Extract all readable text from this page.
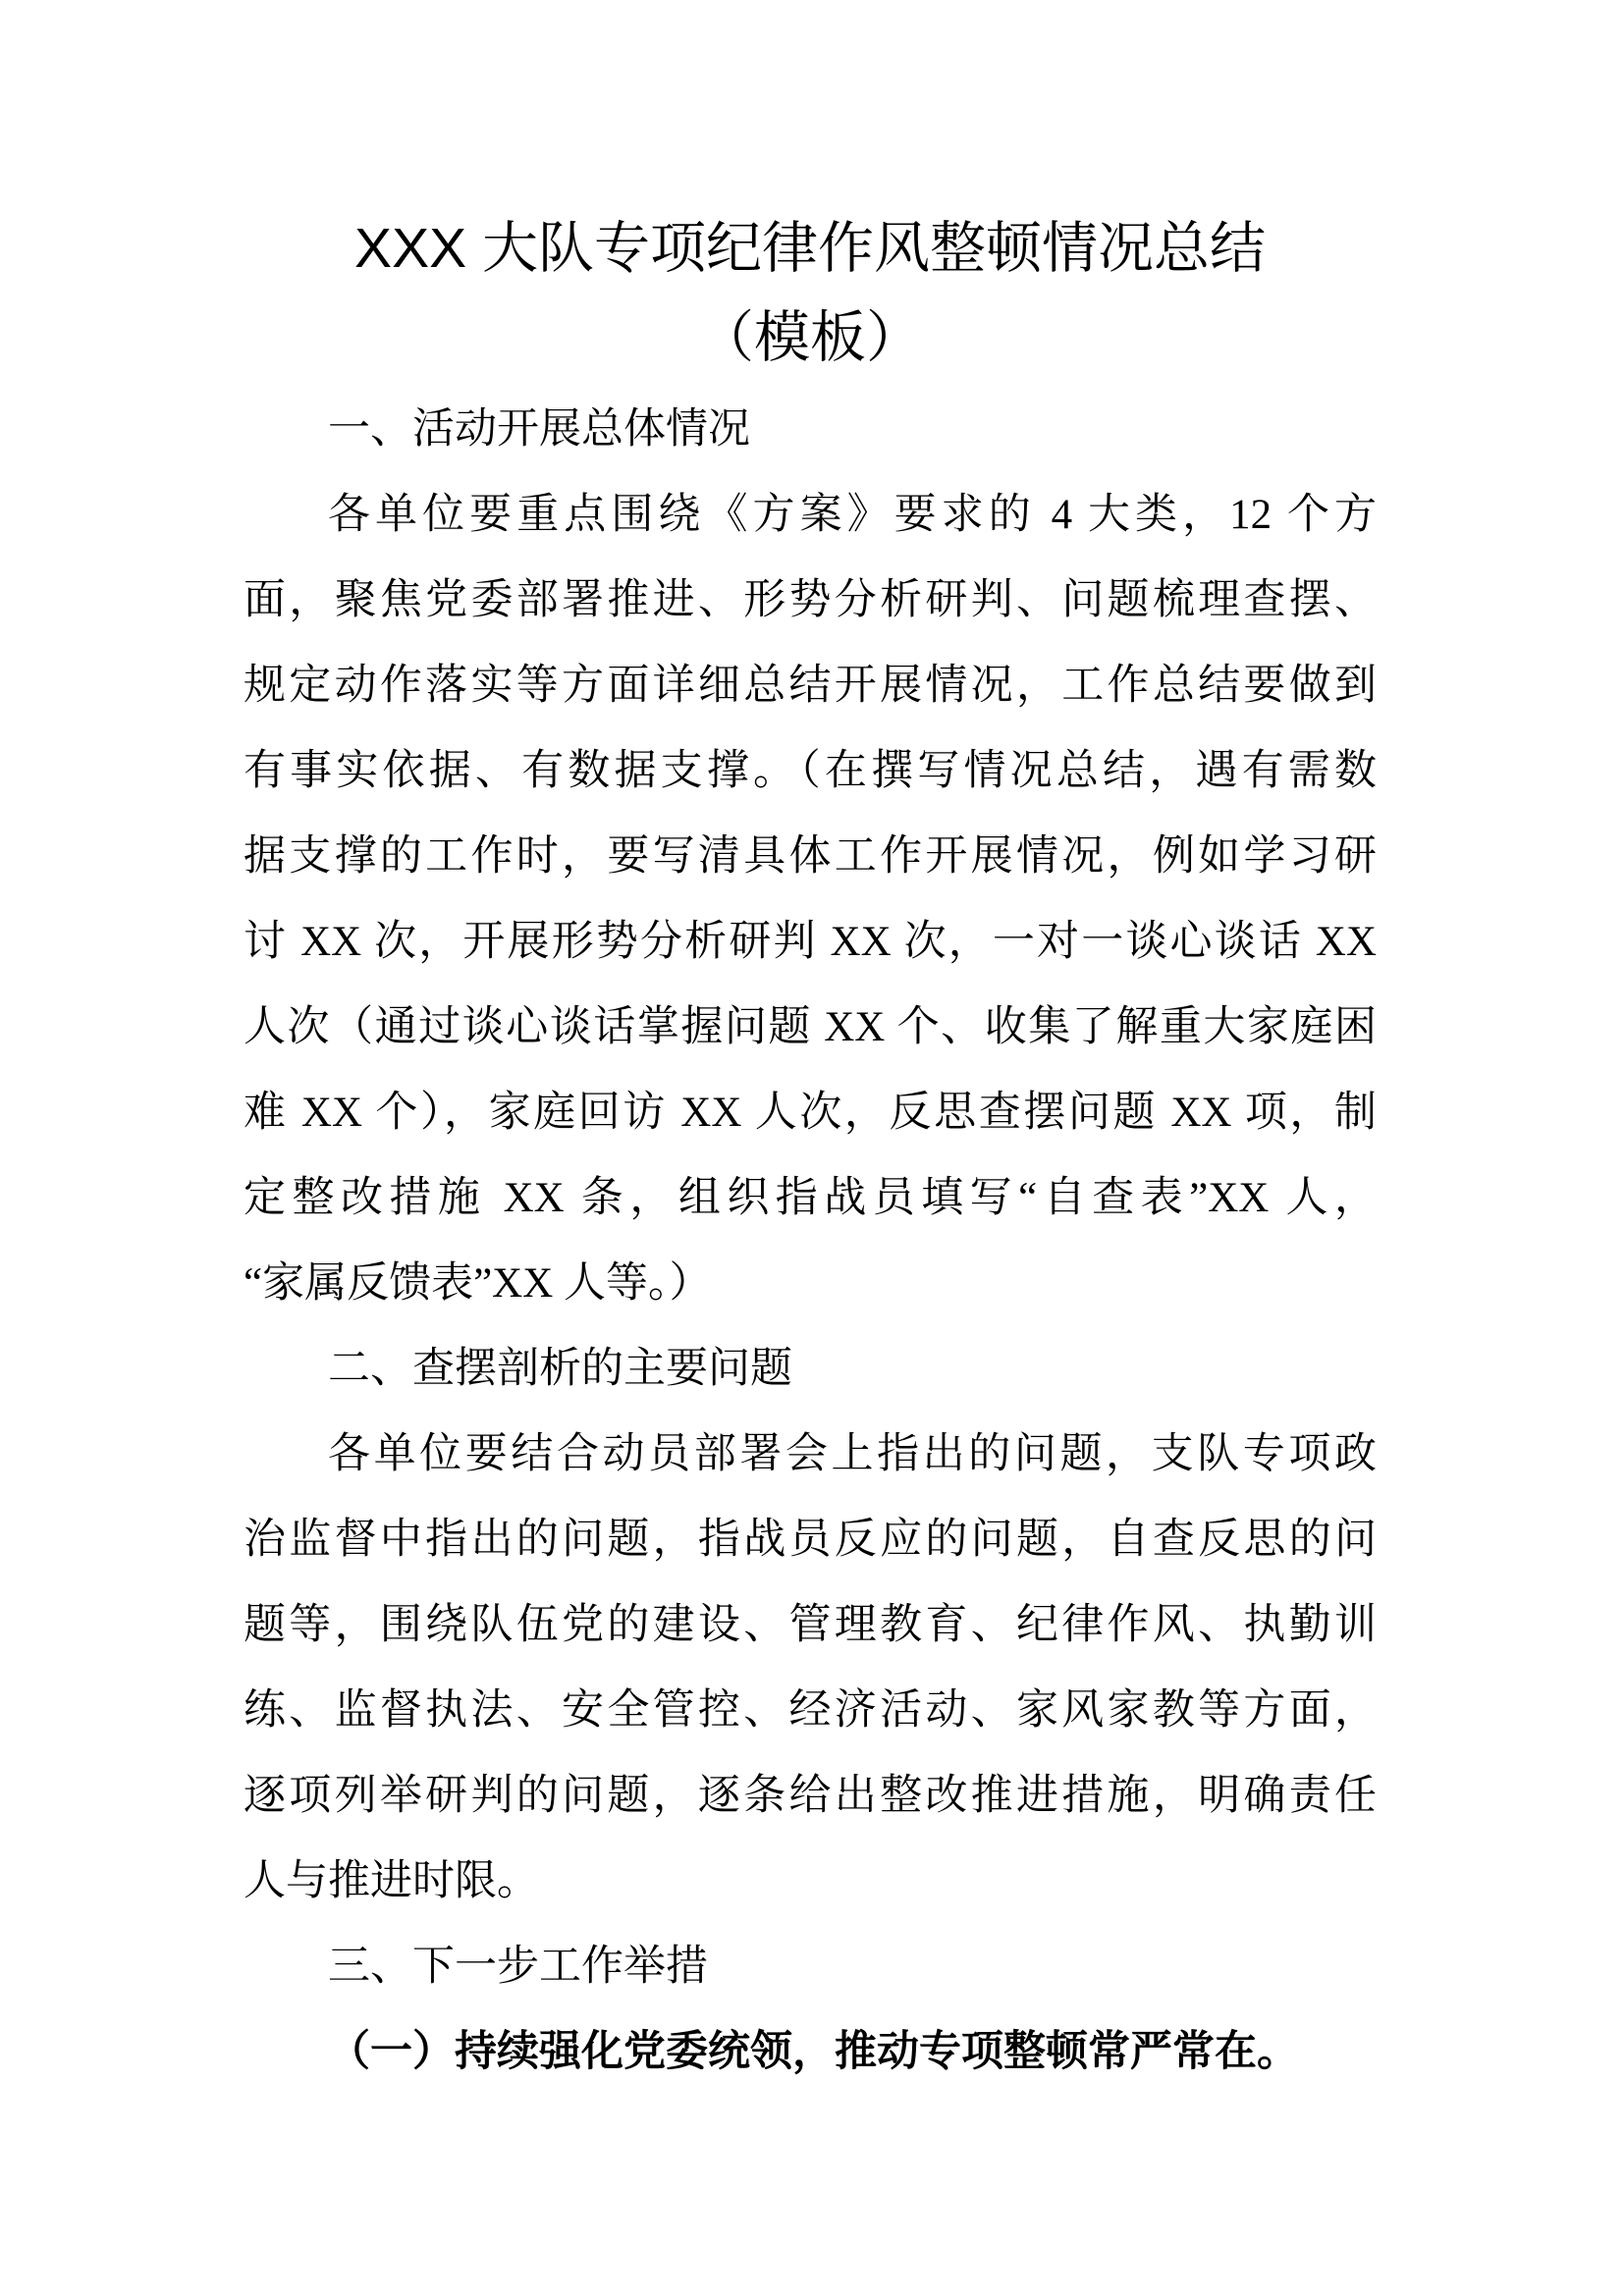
XXX 大队专项纪律作风整顿情况总结
（模板）
一、活动开展总体情况
各单位要重点围绕《方案》要求的 4 大类，12 个方
面，聚焦党委部署推进、形势分析研判、问题梳理查摆、
规定动作落实等方面详细总结开展情况，工作总结要做到
有事实依据、有数据支撑。（在撰写情况总结，遇有需数
据支撑的工作时，要写清具体工作开展情况，例如学习研
讨 XX 次，开展形势分析研判 XX 次，一对一谈心谈话 XX
人次（通过谈心谈话掌握问题 XX 个、收集了解重大家庭困
难 XX 个），家庭回访 XX 人次，反思查摆问题 XX 项，制
定整改措施 XX 条，组织指战员填写“自查表”XX 人，
“家属反馈表”XX 人等。）
二、查摆剖析的主要问题
各单位要结合动员部署会上指出的问题，支队专项政
治监督中指出的问题，指战员反应的问题，自查反思的问
题等，围绕队伍党的建设、管理教育、纪律作风、执勤训
练、监督执法、安全管控、经济活动、家风家教等方面，
逐项列举研判的问题，逐条给出整改推进措施，明确责任
人与推进时限。
三、下一步工作举措
（一）持续强化党委统领，推动专项整顿常严常在。
